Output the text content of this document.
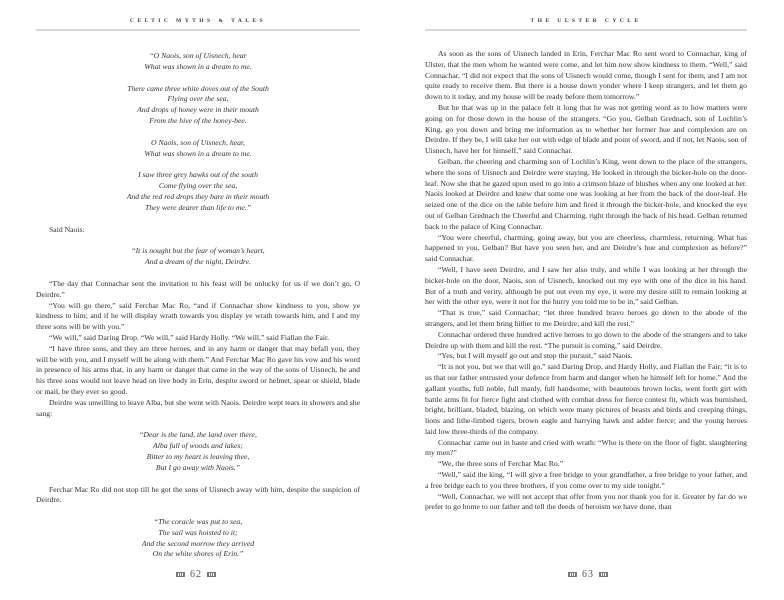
CELTIC MYTHS & TALES
“O Naois, son of Uisnech, hear
What was shown in a dream to me.
There came three white doves out of the South
Flying over the sea,
And drops of honey were in their mouth
From the hive of the honey-bee.
O Naois, son of Uisnech, hear,
What was shown in a dream to me.
I saw three grey hawks out of the south
Come flying over the sea,
And the red red drops they bare in their mouth
They were dearer than life to me.”

Said Naois:

“It is nought but the fear of woman’s heart,
And a dream of the night, Deirdre.

“The day that Connachar sent the invitation to his feast will be unlucky for us if we don’t go, O Deirdre.”

“You will go there,” said Ferchar Mac Ro, “and if Connachar show kindness to you, show ye kindness to him; and if he will display wrath towards you display ye wrath towards him, and I and my three sons will be with you.”

“We will,” said Daring Drop. “We will,” said Hardy Holly. “We will,” said Fiallan the Fair.

“I have three sons, and they are three heroes, and in any harm or danger that may befall you, they will be with you, and I myself will be along with them.” And Ferchar Mac Ro gave his vow and his word in presence of his arms that, in any harm or danger that came in the way of the sons of Uisnech, he and his three sons would not leave head on live body in Erin, despite sword or helmet, spear or shield, blade or mail, be they ever so good.

Deirdre was unwilling to leave Alba, but she went with Naois. Deirdre wept tears in showers and she sang:

“Dear is the land, the land over there,
Alba full of woods and lakes;
Bitter to my heart is leaving thee,
But I go away with Naois.”

Ferchar Mac Ro did not stop till he got the sons of Uisnech away with him, despite the suspicion of Deirdre.

“The coracle was put to sea,
The sail was hoisted to it;
And the second morrow they arrived
On the white shores of Erin.”
62
THE ULSTER CYCLE

As soon as the sons of Uisnech landed in Erin, Ferchar Mac Ro sent word to Connachar, king of Ulster, that the men whom he wanted were come, and let him now show kindness to them. “Well,” said Connachar, “I did not expect that the sons of Uisnech would come, though I sent for them, and I am not quite ready to receive them. But there is a house down yonder where I keep strangers, and let them go down to it today, and my house will be ready before them tomorrow.”

But he that was up in the palace felt it long that he was not getting word as to how matters were going on for those down in the house of the strangers. “Go you, Gelban Grednach, son of Lochlin’s King, go you down and bring me information as to whether her former hue and complexion are on Deirdre. If they be, I will take her out with edge of blade and point of sword, and if not, let Naois, son of Uisnech, have her for himself,” said Connachar.

Gelban, the cheering and charming son of Lochlin’s King, went down to the place of the strangers, where the sons of Uisnech and Deirdre were staying. He looked in through the bicker-hole on the door-leaf. Now she that he gazed upon used to go into a crimson blaze of blushes when any one looked at her. Naois looked at Deirdre and knew that some one was looking at her from the back of the door-leaf. He seized one of the dice on the table before him and fired it through the bicker-hole, and knocked the eye out of Gelban Grednach the Cheerful and Charming, right through the back of his head. Gelban returned back to the palace of King Connachar.

“You were cheerful, charming, going away, but you are cheerless, charmless, returning. What has happened to you, Gelban? But have you seen her, and are Deirdre’s hue and complexion as before?” said Connachar.

“Well, I have seen Deirdre, and I saw her also truly, and while I was looking at her through the bicker-hole on the door, Naois, son of Uisnech, knocked out my eye with one of the dice in his hand. But of a truth and verity, although he put out even my eye, it were my desire still to remain looking at her with the other eye, were it not for the hurry you told me to be in,” said Gelban.

“That is true,” said Connachar; “let three hundred bravo heroes go down to the abode of the strangers, and let them bring hither to me Deirdre, and kill the rest.”

Connachar ordered three hundred active heroes to go down to the abode of the strangers and to take Deirdre up with them and kill the rest. “The pursuit is coming,” said Deirdre.

“Yes, but I will myself go out and stop the pursuit,” said Naois.

“It is not you, but we that will go,” said Daring Drop, and Hardy Holly, and Fiallan the Fair; “it is to us that our father entrusted your defence from harm and danger when he himself left for home.” And the gallant youths, full noble, full manly, full handsome, with beauteous brown locks, went forth girt with battle arms fit for fierce fight and clothed with combat dress for fierce contest fit, which was burnished, bright, brilliant, bladed, blazing, on which were many pictures of beasts and birds and creeping things, lions and lithe-limbed tigers, brown eagle and harrying hawk and adder fierce; and the young heroes laid low three-thirds of the company.

Connachar came out in haste and cried with wrath: “Who is there on the floor of fight, slaughtering my men?”

“We, the three sons of Ferchar Mac Ro.”

“Well,” said the king, “I will give a free bridge to your grandfather, a free bridge to your father, and a free bridge each to you three brothers, if you come over to my side tonight.”

“Well, Connachar, we will not accept that offer from you nor thank you for it. Greater by far do we prefer to go home to our father and tell the deeds of heroism we have done, than

63
